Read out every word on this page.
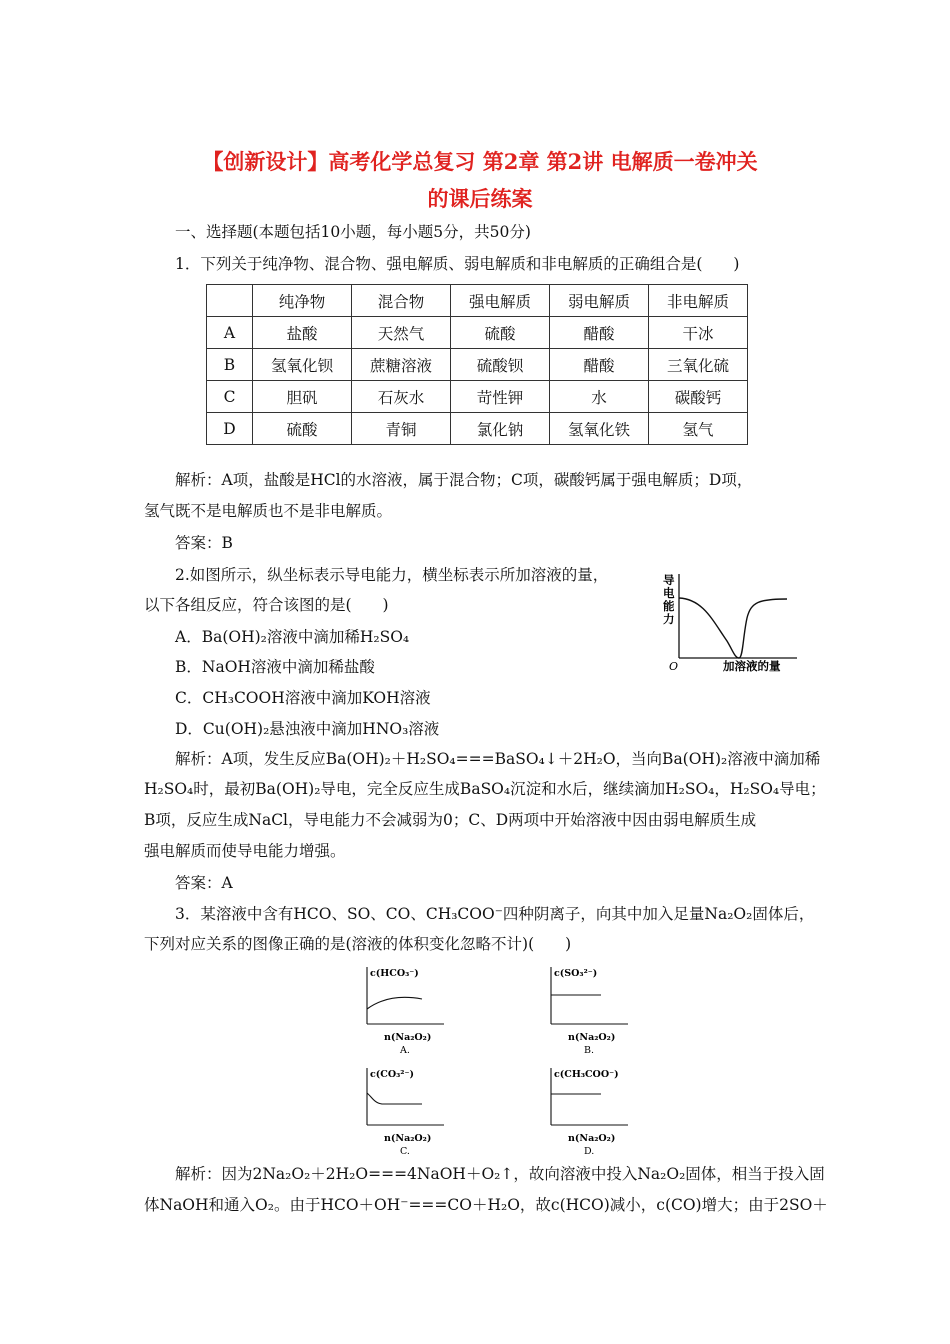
【创新设计】高考化学总复习 第2章 第2讲 电解质一卷冲关
的课后练案
一、选择题(本题包括10小题，每小题5分，共50分)
1．下列关于纯净物、混合物、强电解质、弱电解质和非电解质的正确组合是(　　)
	纯净物	混合物	强电解质	弱电解质	非电解质
A	盐酸	天然气	硫酸	醋酸	干冰
B	氢氧化钡	蔗糖溶液	硫酸钡	醋酸	三氧化硫
C	胆矾	石灰水	苛性钾	水	碳酸钙
D	硫酸	青铜	氯化钠	氢氧化铁	氢气
解析：A项，盐酸是HCl的水溶液，属于混合物；C项，碳酸钙属于强电解质；D项，
氢气既不是电解质也不是非电解质。
答案：B
2.如图所示，纵坐标表示导电能力，横坐标表示所加溶液的量，
以下各组反应，符合该图的是(　　)
A．Ba(OH)₂溶液中滴加稀H₂SO₄
B．NaOH溶液中滴加稀盐酸
C．CH₃COOH溶液中滴加KOH溶液
D．Cu(OH)₂悬浊液中滴加HNO₃溶液
导
电
能
力
O	加溶液的量
解析：A项，发生反应Ba(OH)₂＋H₂SO₄===BaSO₄↓＋2H₂O，当向Ba(OH)₂溶液中滴加稀
H₂SO₄时，最初Ba(OH)₂导电，完全反应生成BaSO₄沉淀和水后，继续滴加H₂SO₄，H₂SO₄导电；
B项，反应生成NaCl，导电能力不会减弱为0；C、D两项中开始溶液中因由弱电解质生成
强电解质而使导电能力增强。
答案：A
3．某溶液中含有HCO、SO、CO、CH₃COO⁻四种阴离子，向其中加入足量Na₂O₂固体后，
下列对应关系的图像正确的是(溶液的体积变化忽略不计)(　　)
c(HCO₃⁻)
n(Na₂O₂)
A.
c(SO₃²⁻)
n(Na₂O₂)
B.
c(CO₃²⁻)
n(Na₂O₂)
C.
c(CH₃COO⁻)
n(Na₂O₂)
D.
解析：因为2Na₂O₂＋2H₂O===4NaOH＋O₂↑，故向溶液中投入Na₂O₂固体，相当于投入固
体NaOH和通入O₂。由于HCO＋OH⁻===CO＋H₂O，故c(HCO)减小，c(CO)增大；由于2SO＋
